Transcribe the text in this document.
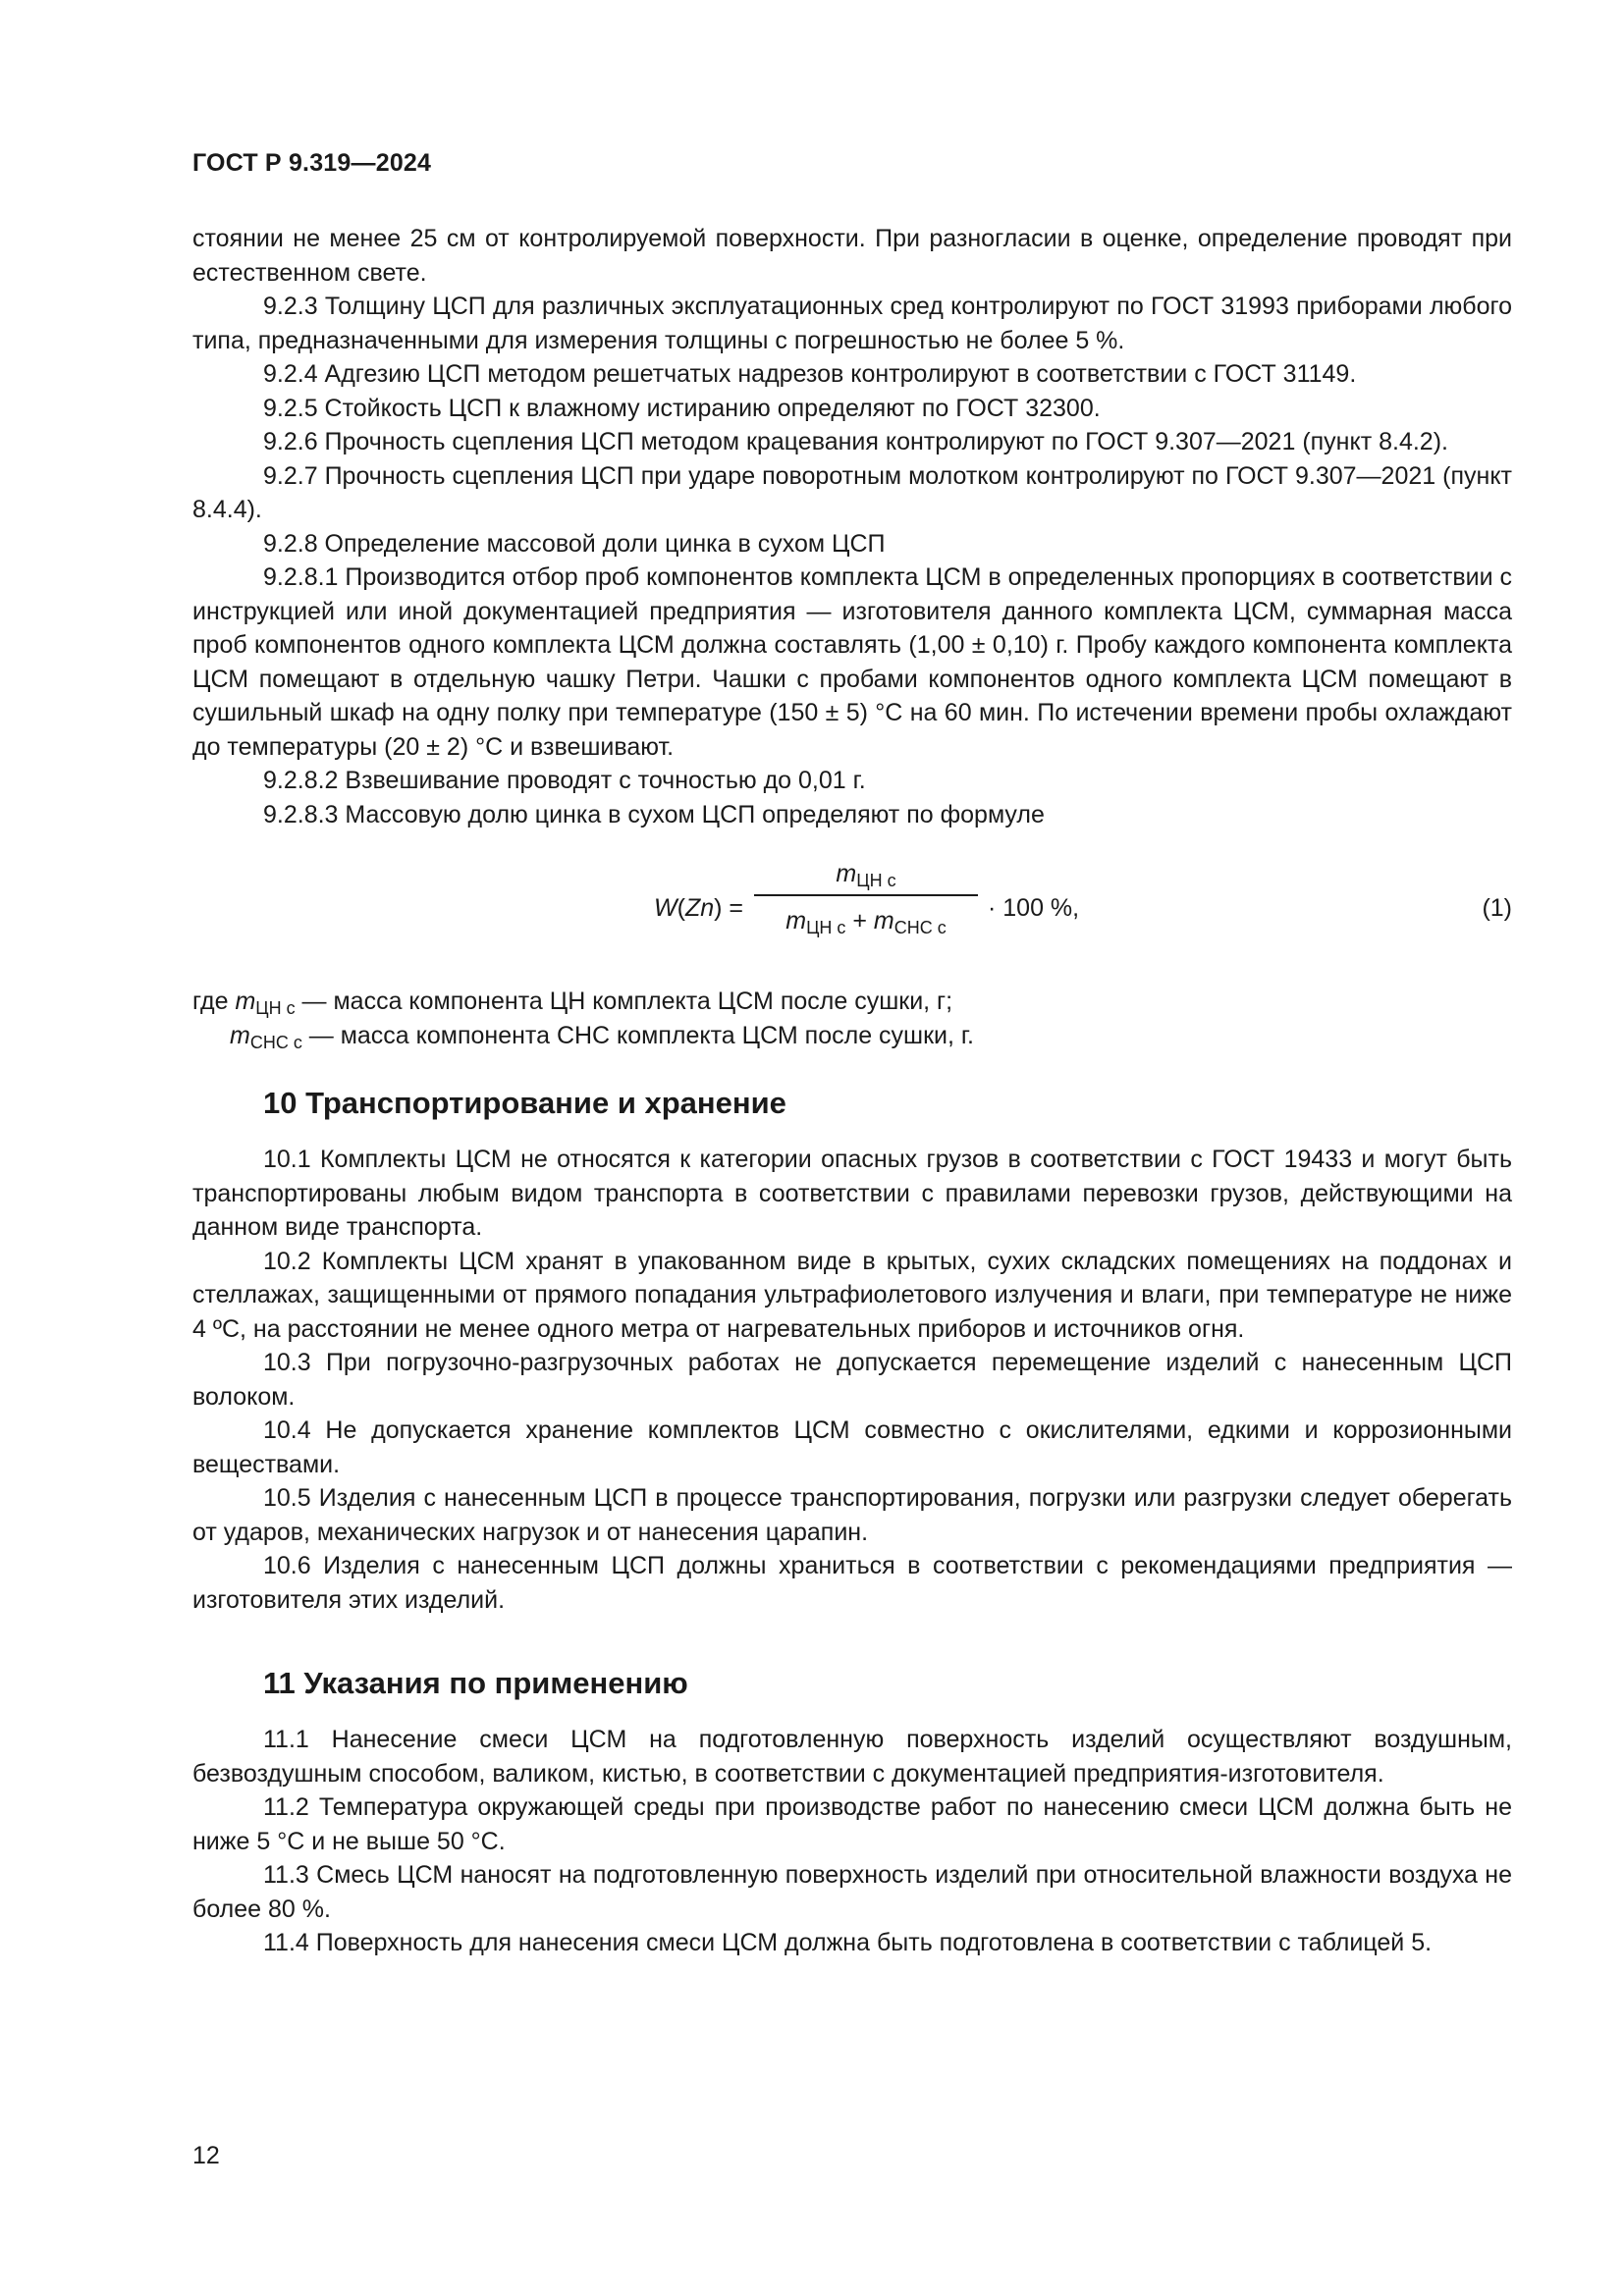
ГОСТ Р 9.319—2024

стоянии не менее 25 см от контролируемой поверхности. При разногласии в оценке, определение проводят при естественном свете.

9.2.3 Толщину ЦСП для различных эксплуатационных сред контролируют по ГОСТ 31993 приборами любого типа, предназначенными для измерения толщины с погрешностью не более 5 %.

9.2.4 Адгезию ЦСП методом решетчатых надрезов контролируют в соответствии с ГОСТ 31149.

9.2.5 Стойкость ЦСП к влажному истиранию определяют по ГОСТ 32300.

9.2.6 Прочность сцепления ЦСП методом крацевания контролируют по ГОСТ 9.307—2021 (пункт 8.4.2).

9.2.7 Прочность сцепления ЦСП при ударе поворотным молотком контролируют по ГОСТ 9.307—2021 (пункт 8.4.4).

9.2.8 Определение массовой доли цинка в сухом ЦСП

9.2.8.1 Производится отбор проб компонентов комплекта ЦСМ в определенных пропорциях в соответствии с инструкцией или иной документацией предприятия — изготовителя данного комплекта ЦСМ, суммарная масса проб компонентов одного комплекта ЦСМ должна составлять (1,00 ± 0,10) г. Пробу каждого компонента комплекта ЦСМ помещают в отдельную чашку Петри. Чашки с пробами компонентов одного комплекта ЦСМ помещают в сушильный шкаф на одну полку при температуре (150 ± 5) °С на 60 мин. По истечении времени пробы охлаждают до температуры (20 ± 2) °С и взвешивают.

9.2.8.2 Взвешивание проводят с точностью до 0,01 г.

9.2.8.3 Массовую долю цинка в сухом ЦСП определяют по формуле

W(Zn) =
$m_{ЦН с}$
$m_{ЦН с} + m_{СНС с}$
· 100 %,	(1)
где $m_{ЦН с}$ — масса компонента ЦН комплекта ЦСМ после сушки, г;
$m_{СНС с}$ — масса компонента СНС комплекта ЦСМ после сушки, г.
10 Транспортирование и хранение

10.1 Комплекты ЦСМ не относятся к категории опасных грузов в соответствии с ГОСТ 19433 и могут быть транспортированы любым видом транспорта в соответствии с правилами перевозки грузов, действующими на данном виде транспорта.

10.2 Комплекты ЦСМ хранят в упакованном виде в крытых, сухих складских помещениях на поддонах и стеллажах, защищенными от прямого попадания ультрафиолетового излучения и влаги, при температуре не ниже 4 ºС, на расстоянии не менее одного метра от нагревательных приборов и источников огня.

10.3 При погрузочно-разгрузочных работах не допускается перемещение изделий с нанесенным ЦСП волоком.

10.4 Не допускается хранение комплектов ЦСМ совместно с окислителями, едкими и коррозионными веществами.

10.5 Изделия с нанесенным ЦСП в процессе транспортирования, погрузки или разгрузки следует оберегать от ударов, механических нагрузок и от нанесения царапин.

10.6 Изделия с нанесенным ЦСП должны храниться в соответствии с рекомендациями предприятия — изготовителя этих изделий.

11 Указания по применению

11.1 Нанесение смеси ЦСМ на подготовленную поверхность изделий осуществляют воздушным, безвоздушным способом, валиком, кистью, в соответствии с документацией предприятия-изготовителя.

11.2 Температура окружающей среды при производстве работ по нанесению смеси ЦСМ должна быть не ниже 5 °С и не выше 50 °С.

11.3 Смесь ЦСМ наносят на подготовленную поверхность изделий при относительной влажности воздуха не более 80 %.

11.4 Поверхность для нанесения смеси ЦСМ должна быть подготовлена в соответствии с таблицей 5.

12
